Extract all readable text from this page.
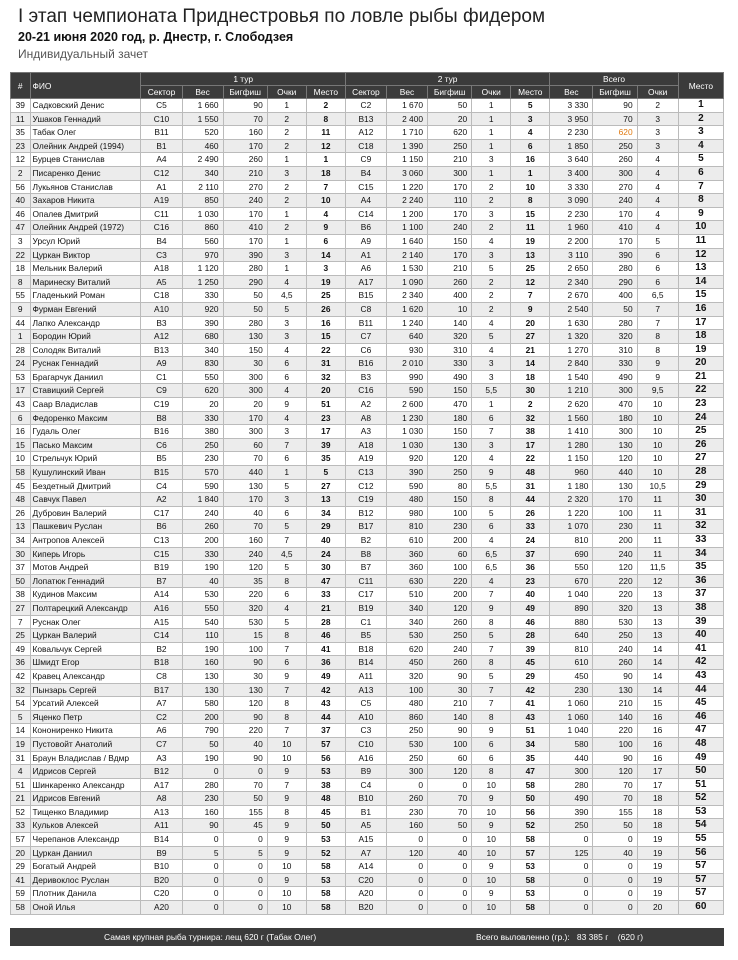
I этап чемпионата Приднестровья по ловле рыбы фидером
20-21 июня 2020 год, р. Днестр, г. Слободзея
Индивидуальный зачет
#	ФИО	1 тур					2 тур					Всего			Место
		Сектор	Вес	Бигфиш	Очки	Место	Сектор	Вес	Бигфиш	Очки	Место	Вес	Бигфиш	Очки	
39	Садковский Денис	C5	1 660	90	1	2	C2	1 670	50	1	5	3 330	90	2	1
11	Ушаков Геннадий	C10	1 550	70	2	8	B13	2 400	20	1	3	3 950	70	3	2
35	Табак Олег	B11	520	160	2	11	A12	1 710	620	1	4	2 230	620	3	3
23	Олейник Андрей (1994)	B1	460	170	2	12	C18	1 390	250	1	6	1 850	250	3	4
12	Бурцев Станислав	A4	2 490	260	1	1	C9	1 150	210	3	16	3 640	260	4	5
2	Писаренко Денис	C12	340	210	3	18	B4	3 060	300	1	1	3 400	300	4	6
56	Лукьянов Станислав	A1	2 110	270	2	7	C15	1 220	170	2	10	3 330	270	4	7
40	Захаров Никита	A19	850	240	2	10	A4	2 240	110	2	8	3 090	240	4	8
46	Опалев Дмитрий	C11	1 030	170	1	4	C14	1 200	170	3	15	2 230	170	4	9
47	Олейник Андрей (1972)	C16	860	410	2	9	B6	1 100	240	2	11	1 960	410	4	10
3	Урсул Юрий	B4	560	170	1	6	A9	1 640	150	4	19	2 200	170	5	11
22	Цуркан Виктор	C3	970	390	3	14	A1	2 140	170	3	13	3 110	390	6	12
18	Мельник Валерий	A18	1 120	280	1	3	A6	1 530	210	5	25	2 650	280	6	13
8	Маринеску Виталий	A5	1 250	290	4	19	A17	1 090	260	2	12	2 340	290	6	14
55	Гладенький Роман	C18	330	50	4,5	25	B15	2 340	400	2	7	2 670	400	6,5	15
9	Фурман Евгений	A10	920	50	5	26	C8	1 620	10	2	9	2 540	50	7	16
44	Лапко Александр	B3	390	280	3	16	B11	1 240	140	4	20	1 630	280	7	17
1	Бородин Юрий	A12	680	130	3	15	C7	640	320	5	27	1 320	320	8	18
28	Солодяк Виталий	B13	340	150	4	22	C6	930	310	4	21	1 270	310	8	19
24	Руснак Геннадий	A9	830	30	6	31	B16	2 010	330	3	14	2 840	330	9	20
53	Брагарчук Даниил	C1	550	300	6	32	B3	990	490	3	18	1 540	490	9	21
17	Ставицкий Сергей	C9	620	300	4	20	C16	590	150	5,5	30	1 210	300	9,5	22
43	Саар Владислав	C19	20	20	9	51	A2	2 600	470	1	2	2 620	470	10	23
6	Федоренко Максим	B8	330	170	4	23	A8	1 230	180	6	32	1 560	180	10	24
16	Гудаль Олег	B16	380	300	3	17	A3	1 030	150	7	38	1 410	300	10	25
15	Пасько Максим	C6	250	60	7	39	A18	1 030	130	3	17	1 280	130	10	26
10	Стрельчук Юрий	B5	230	70	6	35	A19	920	120	4	22	1 150	120	10	27
58	Кушулинский Иван	B15	570	440	1	5	C13	390	250	9	48	960	440	10	28
45	Бездетный Дмитрий	C4	590	130	5	27	C12	590	80	5,5	31	1 180	130	10,5	29
48	Савчук Павел	A2	1 840	170	3	13	C19	480	150	8	44	2 320	170	11	30
26	Дубровин Валерий	C17	240	40	6	34	B12	980	100	5	26	1 220	100	11	31
13	Пашкевич Руслан	B6	260	70	5	29	B17	810	230	6	33	1 070	230	11	32
34	Антропов Алексей	C13	200	160	7	40	B2	610	200	4	24	810	200	11	33
30	Киперь Игорь	C15	330	240	4,5	24	B8	360	60	6,5	37	690	240	11	34
37	Мотов Андрей	B19	190	120	5	30	B7	360	100	6,5	36	550	120	11,5	35
50	Лопатюк Геннадий	B7	40	35	8	47	C11	630	220	4	23	670	220	12	36
38	Кудинов Максим	A14	530	220	6	33	C17	510	200	7	40	1 040	220	13	37
27	Полтарецкий Александр	A16	550	320	4	21	B19	340	120	9	49	890	320	13	38
7	Руснак Олег	A15	540	530	5	28	C1	340	260	8	46	880	530	13	39
25	Цуркан Валерий	C14	110	15	8	46	B5	530	250	5	28	640	250	13	40
49	Ковальчук Сергей	B2	190	100	7	41	B18	620	240	7	39	810	240	14	41
36	Шмидт Егор	B18	160	90	6	36	B14	450	260	8	45	610	260	14	42
42	Кравец Александр	C8	130	30	9	49	A11	320	90	5	29	450	90	14	43
32	Пынзарь Сергей	B17	130	130	7	42	A13	100	30	7	42	230	130	14	44
54	Урсатий Алексей	A7	580	120	8	43	C5	480	210	7	41	1 060	210	15	45
5	Яценко Петр	C2	200	90	8	44	A10	860	140	8	43	1 060	140	16	46
14	Конониренко Никита	A6	790	220	7	37	C3	250	90	9	51	1 040	220	16	47
19	Пустовойт Анатолий	C7	50	40	10	57	C10	530	100	6	34	580	100	16	48
31	Браун Владислав / Вдмр	A3	190	90	10	56	A16	250	60	6	35	440	90	16	49
4	Идрисов Сергей	B12	0	0	9	53	B9	300	120	8	47	300	120	17	50
51	Шинкаренко Александр	A17	280	70	7	38	C4	0	0	10	58	280	70	17	51
21	Идрисов Евгений	A8	230	50	9	48	B10	260	70	9	50	490	70	18	52
52	Тищенко Владимир	A13	160	155	8	45	B1	230	70	10	56	390	155	18	53
33	Кульков Алексей	A11	90	45	9	50	A5	160	50	9	52	250	50	18	54
57	Черепанов Александр	B14	0	0	9	53	A15	0	0	10	58	0	0	19	55
20	Цуркан Даниил	B9	5	5	9	52	A7	120	40	10	57	125	40	19	56
29	Богатый Андрей	B10	0	0	10	58	A14	0	0	9	53	0	0	19	57
41	Деривоклос Руслан	B20	0	0	9	53	C20	0	0	10	58	0	0	19	57
59	Плотник Данила	C20	0	0	10	58	A20	0	0	9	53	0	0	19	57
58	Оной Илья	A20	0	0	10	58	B20	0	0	10	58	0	0	20	60
Самая крупная рыба турнира: лещ 620 г (Табак Олег)	Всего выловленно (гр.): 83 385 г (620 г)
